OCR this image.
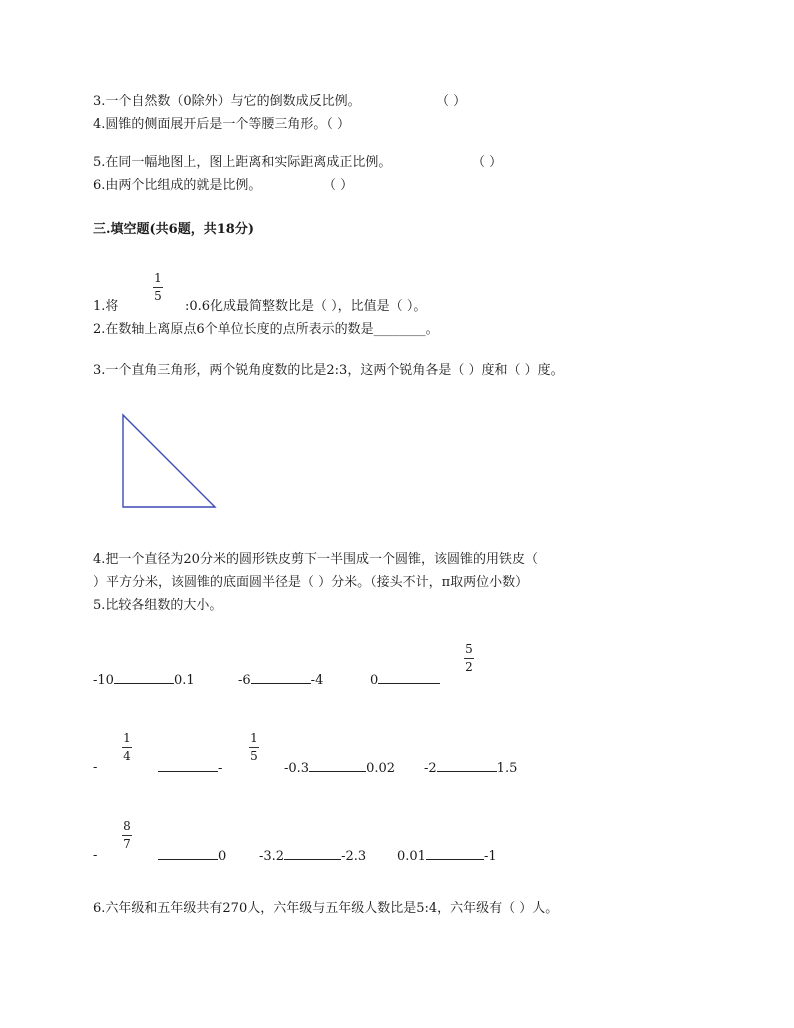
3.一个自然数（0除外）与它的倒数成反比例。	（ ）
4.圆锥的侧面展开后是一个等腰三角形。（ ）
5.在同一幅地图上，图上距离和实际距离成正比例。	（ ）
6.由两个比组成的就是比例。	（ ）
三.填空题(共6题，共18分)
1
5
1.将	:0.6化成最简整数比是（ ），比值是（ ）。
2.在数轴上离原点6个单位长度的点所表示的数是________。
3.一个直角三角形，两个锐角度数的比是2:3，这两个锐角各是（ ）度和（ ）度。
4.把一个直径为20分米的圆形铁皮剪下一半围成一个圆锥，该圆锥的用铁皮（
）平方分米，该圆锥的底面圆半径是（ ）分米。（接头不计，π取两位小数）
5.比较各组数的大小。
-10	0.1	-6	-4	0
5
2
1
4
1
5
-	-	-0.3	0.02 -2	1.5
8
7
-	0	-3.2	-2.3 0.01	-1
6.六年级和五年级共有270人，六年级与五年级人数比是5:4，六年级有（ ）人。
